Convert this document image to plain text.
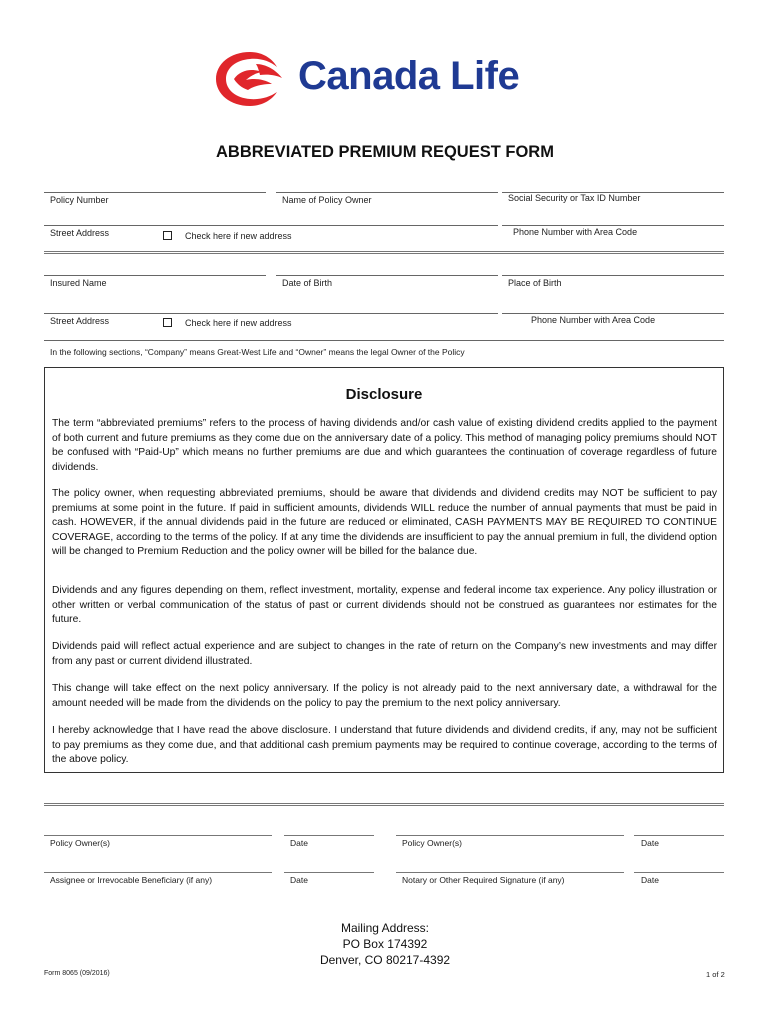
Canada Life
ABBREVIATED PREMIUM REQUEST FORM
Policy Number	Name of Policy Owner	Social Security or Tax ID Number
Street Address	Check here if new address	Phone Number with Area Code
Insured Name	Date of Birth	Place of Birth
Street Address	Check here if new address	Phone Number with Area Code
In the following sections, “Company” means Great-West Life and “Owner” means the legal Owner of the Policy
Disclosure
The term “abbreviated premiums” refers to the process of having dividends and/or cash value of existing dividend credits applied to the payment of both current and future premiums as they come due on the anniversary date of a policy. This method of managing policy premiums should NOT be confused with “Paid-Up” which means no further premiums are due and which guarantees the continuation of coverage regardless of future dividends.
The policy owner, when requesting abbreviated premiums, should be aware that dividends and dividend credits may NOT be sufficient to pay premiums at some point in the future. If paid in sufficient amounts, dividends WILL reduce the number of annual payments that must be paid in cash. HOWEVER, if the annual dividends paid in the future are reduced or eliminated, CASH PAYMENTS MAY BE REQUIRED TO CONTINUE COVERAGE, according to the terms of the policy. If at any time the dividends are insufficient to pay the annual premium in full, the dividend option will be changed to Premium Reduction and the policy owner will be billed for the balance due.
Dividends and any figures depending on them, reflect investment, mortality, expense and federal income tax experience. Any policy illustration or other written or verbal communication of the status of past or current dividends should not be construed as guarantees nor estimates for the future.
Dividends paid will reflect actual experience and are subject to changes in the rate of return on the Company’s new investments and may differ from any past or current dividend illustrated.
This change will take effect on the next policy anniversary. If the policy is not already paid to the next anniversary date, a withdrawal for the amount needed will be made from the dividends on the policy to pay the premium to the next policy anniversary.
I hereby acknowledge that I have read the above disclosure. I understand that future dividends and dividend credits, if any, may not be sufficient to pay premiums as they come due, and that additional cash premium payments may be required to continue coverage, according to the terms of the above policy.
Policy Owner(s)	Date	Policy Owner(s)	Date
Assignee or Irrevocable Beneficiary (if any)	Date	Notary or Other Required Signature (if any)	Date
Mailing Address:
PO Box 174392
Denver, CO 80217-4392
Form 8065 (09/2016)	1 of 2
